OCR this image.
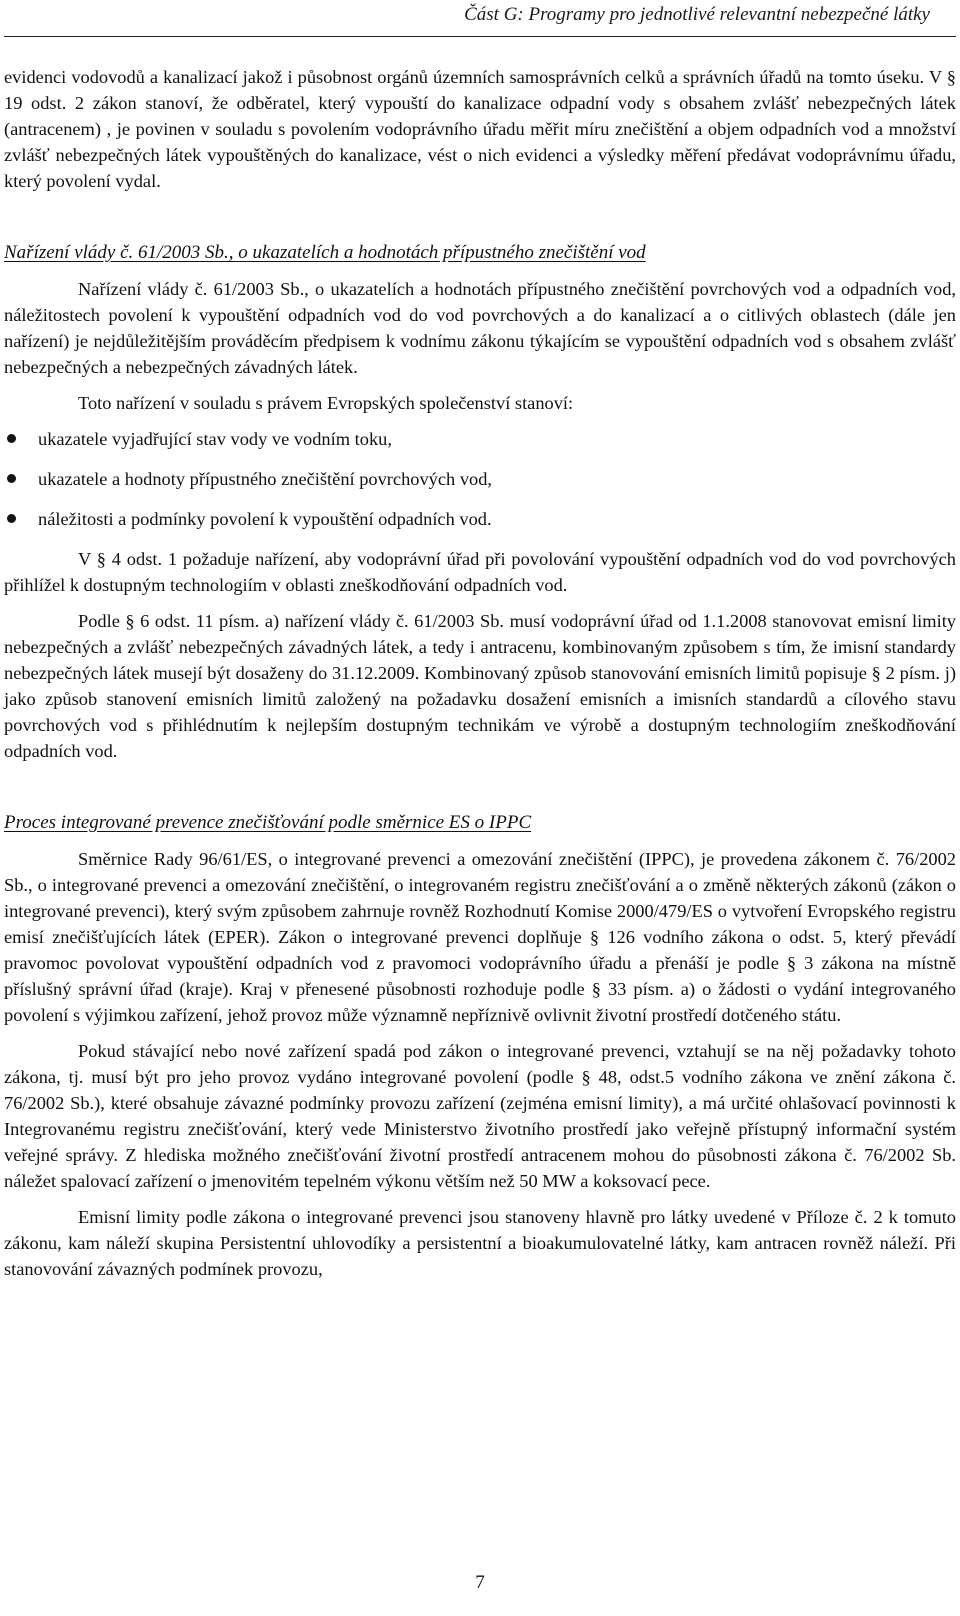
Část G: Programy pro jednotlivé relevantní nebezpečné látky

evidenci vodovodů a kanalizací jakož i působnost orgánů územních samosprávních celků a správních úřadů na tomto úseku. V § 19 odst. 2 zákon stanoví, že odběratel, který vypouští do kanalizace odpadní vody s obsahem zvlášť nebezpečných látek (antracenem) , je povinen v souladu s povolením vodoprávního úřadu měřit míru znečištění a objem odpadních vod a množství zvlášť nebezpečných látek vypouštěných do kanalizace, vést o nich evidenci a výsledky měření předávat vodoprávnímu úřadu, který povolení vydal.

Nařízení vlády č. 61/2003 Sb., o ukazatelích a hodnotách přípustného znečištění vod

Nařízení vlády č. 61/2003 Sb., o ukazatelích a hodnotách přípustného znečištění povrchových vod a odpadních vod, náležitostech povolení k vypouštění odpadních vod do vod povrchových a do kanalizací a o citlivých oblastech (dále jen nařízení) je nejdůležitějším prováděcím předpisem k vodnímu zákonu týkajícím se vypouštění odpadních vod s obsahem zvlášť nebezpečných a nebezpečných závadných látek.

Toto nařízení v souladu s právem Evropských společenství stanoví:

ukazatele vyjadřující stav vody ve vodním toku,
ukazatele a hodnoty přípustného znečištění povrchových vod,
náležitosti a podmínky povolení k vypouštění odpadních vod.

V § 4 odst. 1 požaduje nařízení, aby vodoprávní úřad při povolování vypouštění odpadních vod do vod povrchových přihlížel k dostupným technologiím v oblasti zneškodňování odpadních vod.

Podle § 6 odst. 11 písm. a) nařízení vlády č. 61/2003 Sb. musí vodoprávní úřad od 1.1.2008 stanovovat emisní limity nebezpečných a zvlášť nebezpečných závadných látek, a tedy i antracenu, kombinovaným způsobem s tím, že imisní standardy nebezpečných látek musejí být dosaženy do 31.12.2009. Kombinovaný způsob stanovování emisních limitů popisuje § 2 písm. j) jako způsob stanovení emisních limitů založený na požadavku dosažení emisních a imisních standardů a cílového stavu povrchových vod s přihlédnutím k nejlepším dostupným technikám ve výrobě a dostupným technologiím zneškodňování odpadních vod.

Proces integrované prevence znečišťování podle směrnice ES o IPPC

Směrnice Rady 96/61/ES, o integrované prevenci a omezování znečištění (IPPC), je provedena zákonem č. 76/2002 Sb., o integrované prevenci a omezování znečištění, o integrovaném registru znečišťování a o změně některých zákonů (zákon o integrované prevenci), který svým způsobem zahrnuje rovněž Rozhodnutí Komise 2000/479/ES o vytvoření Evropského registru emisí znečišťujících látek (EPER). Zákon o integrované prevenci doplňuje § 126 vodního zákona o odst. 5, který převádí pravomoc povolovat vypouštění odpadních vod z pravomoci vodoprávního úřadu a přenáší je podle § 3 zákona na místně příslušný správní úřad (kraje). Kraj v přenesené působnosti rozhoduje podle § 33 písm. a) o žádosti o vydání integrovaného povolení s výjimkou zařízení, jehož provoz může významně nepříznivě ovlivnit životní prostředí dotčeného státu.

Pokud stávající nebo nové zařízení spadá pod zákon o integrované prevenci, vztahují se na něj požadavky tohoto zákona, tj. musí být pro jeho provoz vydáno integrované povolení (podle § 48, odst.5 vodního zákona ve znění zákona č. 76/2002 Sb.), které obsahuje závazné podmínky provozu zařízení (zejména emisní limity), a má určité ohlašovací povinnosti k Integrovanému registru znečišťování, který vede Ministerstvo životního prostředí jako veřejně přístupný informační systém veřejné správy. Z hlediska možného znečišťování životní prostředí antracenem mohou do působnosti zákona č. 76/2002 Sb. náležet spalovací zařízení o jmenovitém tepelném výkonu větším než 50 MW a koksovací pece.

Emisní limity podle zákona o integrované prevenci jsou stanoveny hlavně pro látky uvedené v Příloze č. 2 k tomuto zákonu, kam náleží skupina Persistentní uhlovodíky a persistentní a bioakumulovatelné látky, kam antracen rovněž náleží. Při stanovování závazných podmínek provozu,

7
